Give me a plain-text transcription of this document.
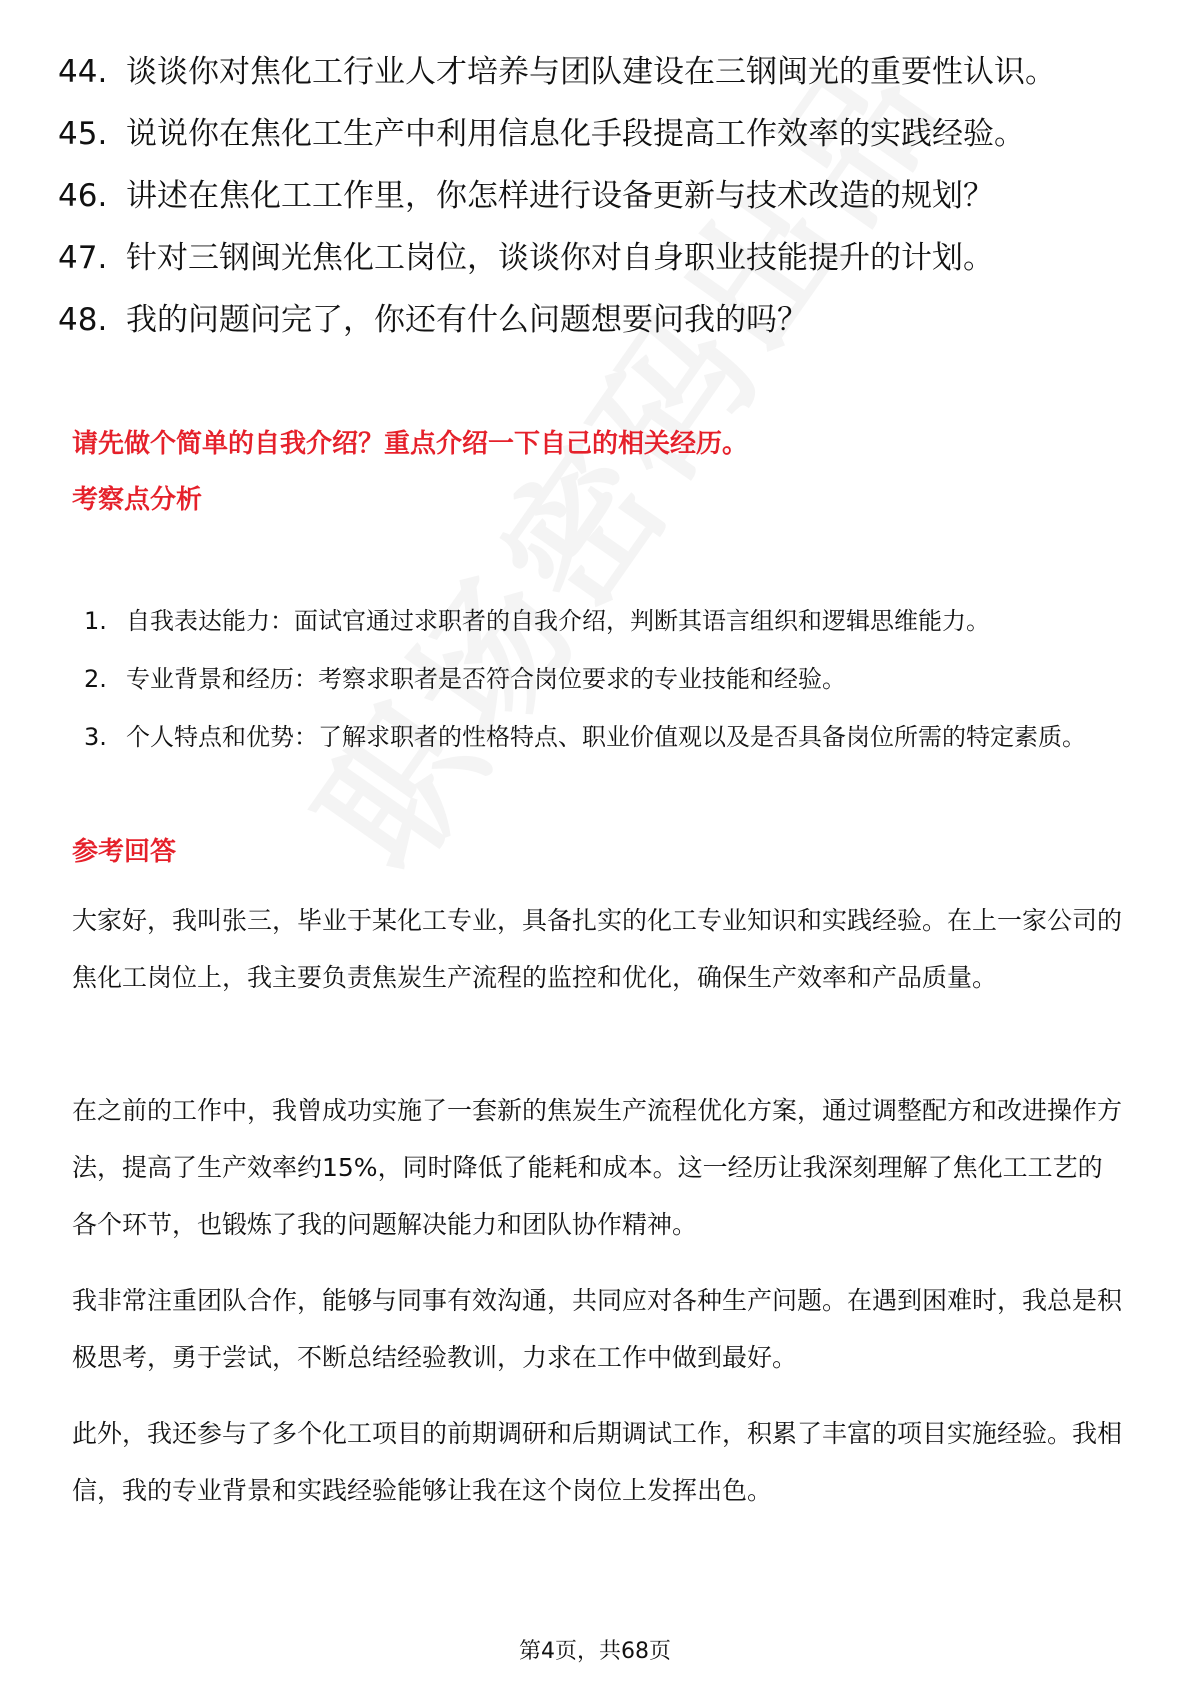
44. 谈谈你对焦化工行业人才培养与团队建设在三钢闽光的重要性认识。
45. 说说你在焦化工生产中利用信息化手段提高工作效率的实践经验。
46. 讲述在焦化工工作里，你怎样进行设备更新与技术改造的规划？
47. 针对三钢闽光焦化工岗位，谈谈你对自身职业技能提升的计划。
48. 我的问题问完了，你还有什么问题想要问我的吗？
请先做个简单的自我介绍？重点介绍一下自己的相关经历。
考察点分析
1. 自我表达能力：面试官通过求职者的自我介绍，判断其语言组织和逻辑思维能力。
2. 专业背景和经历：考察求职者是否符合岗位要求的专业技能和经验。
3. 个人特点和优势：了解求职者的性格特点、职业价值观以及是否具备岗位所需的特定素质。
参考回答

大家好，我叫张三，毕业于某化工专业，具备扎实的化工专业知识和实践经验。在上一家公司的焦化工岗位上，我主要负责焦炭生产流程的监控和优化，确保生产效率和产品质量。

在之前的工作中，我曾成功实施了一套新的焦炭生产流程优化方案，通过调整配方和改进操作方法，提高了生产效率约15%，同时降低了能耗和成本。这一经历让我深刻理解了焦化工工艺的各个环节，也锻炼了我的问题解决能力和团队协作精神。

我非常注重团队合作，能够与同事有效沟通，共同应对各种生产问题。在遇到困难时，我总是积极思考，勇于尝试，不断总结经验教训，力求在工作中做到最好。

此外，我还参与了多个化工项目的前期调研和后期调试工作，积累了丰富的项目实施经验。我相信，我的专业背景和实践经验能够让我在这个岗位上发挥出色。

第4页，共68页
